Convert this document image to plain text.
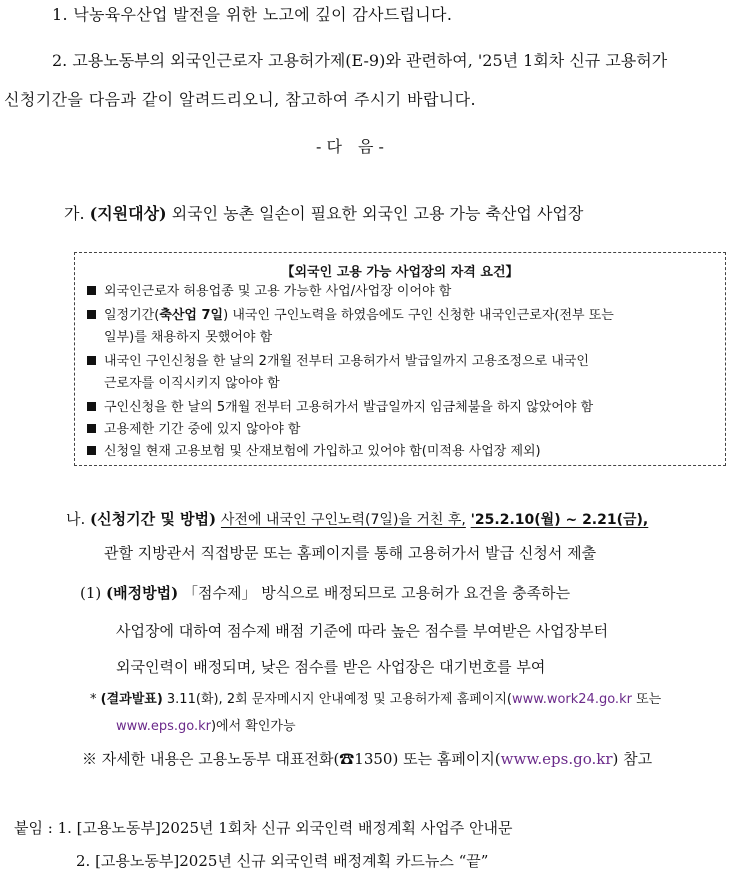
1. 낙농육우산업 발전을 위한 노고에 깊이 감사드립니다.
2. 고용노동부의 외국인근로자 고용허가제(E-9)와 관련하여, '25년 1회차 신규 고용허가
신청기간을 다음과 같이 알려드리오니, 참고하여 주시기 바랍니다.
- 다　음 -
가. (지원대상) 외국인 농촌 일손이 필요한 외국인 고용 가능 축산업 사업장
【외국인 고용 가능 사업장의 자격 요건】
외국인근로자 허용업종 및 고용 가능한 사업/사업장 이어야 함
일정기간(축산업 7일) 내국인 구인노력을 하였음에도 구인 신청한 내국인근로자(전부 또는
일부)를 채용하지 못했어야 함
내국인 구인신청을 한 날의 2개월 전부터 고용허가서 발급일까지 고용조정으로 내국인
근로자를 이직시키지 않아야 함
구인신청을 한 날의 5개월 전부터 고용허가서 발급일까지 임금체불을 하지 않았어야 함
고용제한 기간 중에 있지 않아야 함
신청일 현재 고용보험 및 산재보험에 가입하고 있어야 함(미적용 사업장 제외)
나. (신청기간 및 방법) 사전에 내국인 구인노력(7일)을 거친 후, '25.2.10(월) ~ 2.21(금),
관할 지방관서 직접방문 또는 홈페이지를 통해 고용허가서 발급 신청서 제출
(1) (배정방법) 「점수제」 방식으로 배정되므로 고용허가 요건을 충족하는
사업장에 대하여 점수제 배점 기준에 따라 높은 점수를 부여받은 사업장부터
외국인력이 배정되며, 낮은 점수를 받은 사업장은 대기번호를 부여
* (결과발표) 3.11(화), 2회 문자메시지 안내예정 및 고용허가제 홈페이지(www.work24.go.kr 또는
www.eps.go.kr)에서 확인가능
※ 자세한 내용은 고용노동부 대표전화(☎1350) 또는 홈페이지(www.eps.go.kr) 참고
붙임 : 1. [고용노동부]2025년 1회차 신규 외국인력 배정계획 사업주 안내문
2. [고용노동부]2025년 신규 외국인력 배정계획 카드뉴스 “끝”
